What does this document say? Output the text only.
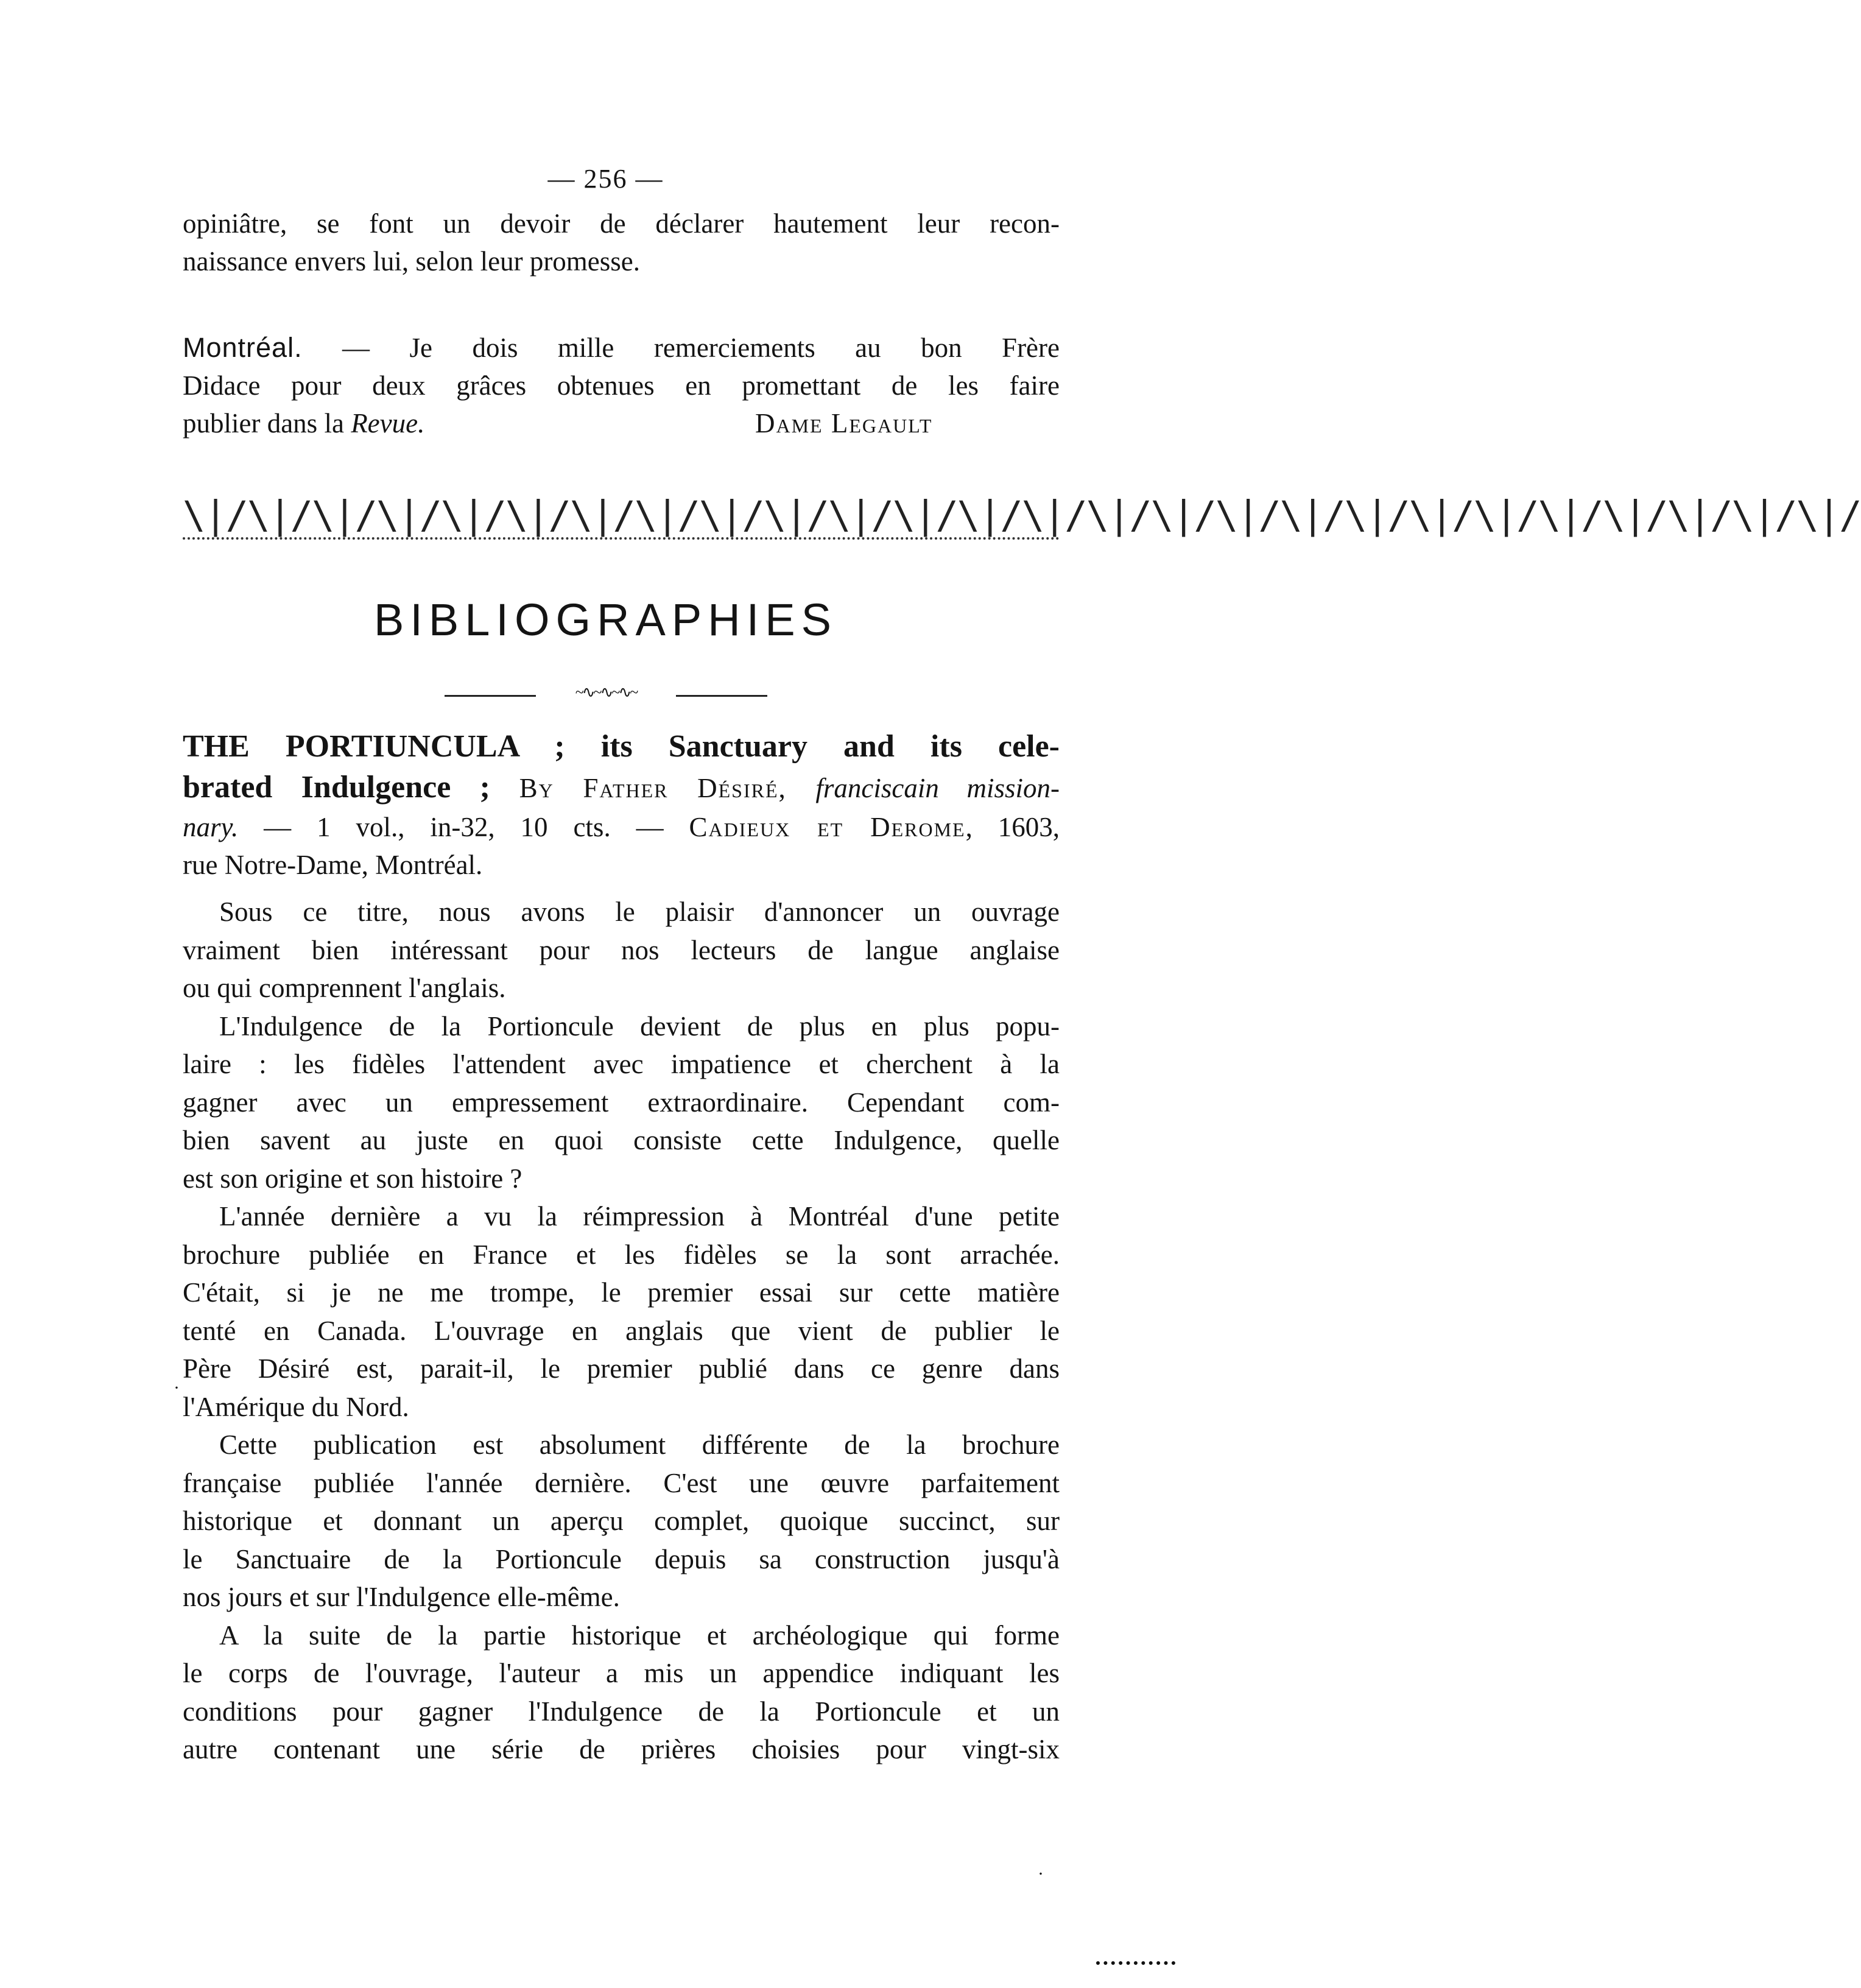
— 256 —
opiniâtre, se font un devoir de déclarer hautement leur recon-
naissance envers lui, selon leur promesse.
Montréal. — Je dois mille remerciements au bon Frère
Didace pour deux grâces obtenues en promettant de les faire
publier dans la Revue.	Dame Legault
\|/\|/\|/\|/\|/\|/\|/\|/\|/\|/\|/\|/\|/\|/\|/\|/\|/\|/\|/\|/\|/\|/\|/\|/\|/\|/
BIBLIOGRAPHIES
~∿~∿~∿~
THE PORTIUNCULA ; its Sanctuary and its cele-
brated Indulgence ; By Father Désiré, franciscain mission-
nary. — 1 vol., in-32, 10 cts. — Cadieux et Derome, 1603,
rue Notre-Dame, Montréal.
Sous ce titre, nous avons le plaisir d'annoncer un ouvrage
vraiment bien intéressant pour nos lecteurs de langue anglaise
ou qui comprennent l'anglais.
L'Indulgence de la Portioncule devient de plus en plus popu-
laire : les fidèles l'attendent avec impatience et cherchent à la
gagner avec un empressement extraordinaire. Cependant com-
bien savent au juste en quoi consiste cette Indulgence, quelle
est son origine et son histoire ?
L'année dernière a vu la réimpression à Montréal d'une petite
brochure publiée en France et les fidèles se la sont arrachée.
C'était, si je ne me trompe, le premier essai sur cette matière
tenté en Canada. L'ouvrage en anglais que vient de publier le
Père Désiré est, parait-il, le premier publié dans ce genre dans
l'Amérique du Nord.
Cette publication est absolument différente de la brochure
française publiée l'année dernière. C'est une œuvre parfaitement
historique et donnant un aperçu complet, quoique succinct, sur
le Sanctuaire de la Portioncule depuis sa construction jusqu'à
nos jours et sur l'Indulgence elle-même.
A la suite de la partie historique et archéologique qui forme
le corps de l'ouvrage, l'auteur a mis un appendice indiquant les
conditions pour gagner l'Indulgence de la Portioncule et un
autre contenant une série de prières choisies pour vingt-six
·
·
